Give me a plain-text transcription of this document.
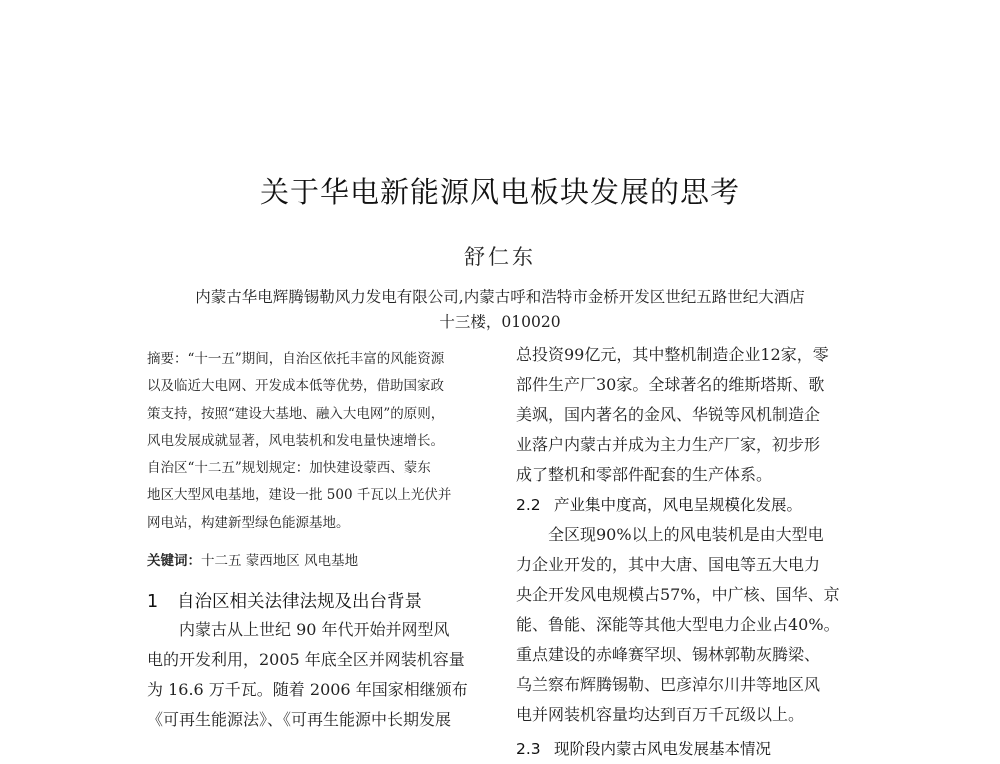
关于华电新能源风电板块发展的思考
舒仁东
内蒙古华电辉腾锡勒风力发电有限公司,内蒙古呼和浩特市金桥开发区世纪五路世纪大酒店
十三楼，010020
摘要：“十一五”期间，自治区依托丰富的风能资源
以及临近大电网、开发成本低等优势，借助国家政
策支持，按照“建设大基地、融入大电网”的原则，
风电发展成就显著，风电装机和发电量快速增长。
自治区“十二五”规划规定：加快建设蒙西、蒙东
地区大型风电基地，建设一批 500 千瓦以上光伏并
网电站，构建新型绿色能源基地。
关键词：十二五 蒙西地区 风电基地
1 自治区相关法律法规及出台背景
内蒙古从上世纪 90 年代开始并网型风
电的开发利用，2005 年底全区并网装机容量
为 16.6 万千瓦。随着 2006 年国家相继颁布
《可再生能源法》、《可再生能源中长期发展
总投资99亿元，其中整机制造企业12家，零
部件生产厂30家。全球著名的维斯塔斯、歌
美飒，国内著名的金风、华锐等风机制造企
业落户内蒙古并成为主力生产厂家，初步形
成了整机和零部件配套的生产体系。
2.2 产业集中度高，风电呈规模化发展。
全区现90%以上的风电装机是由大型电
力企业开发的，其中大唐、国电等五大电力
央企开发风电规模占57%，中广核、国华、京
能、鲁能、深能等其他大型电力企业占40%。
重点建设的赤峰赛罕坝、锡林郭勒灰腾梁、
乌兰察布辉腾锡勒、巴彦淖尔川井等地区风
电并网装机容量均达到百万千瓦级以上。
2.3 现阶段内蒙古风电发展基本情况
